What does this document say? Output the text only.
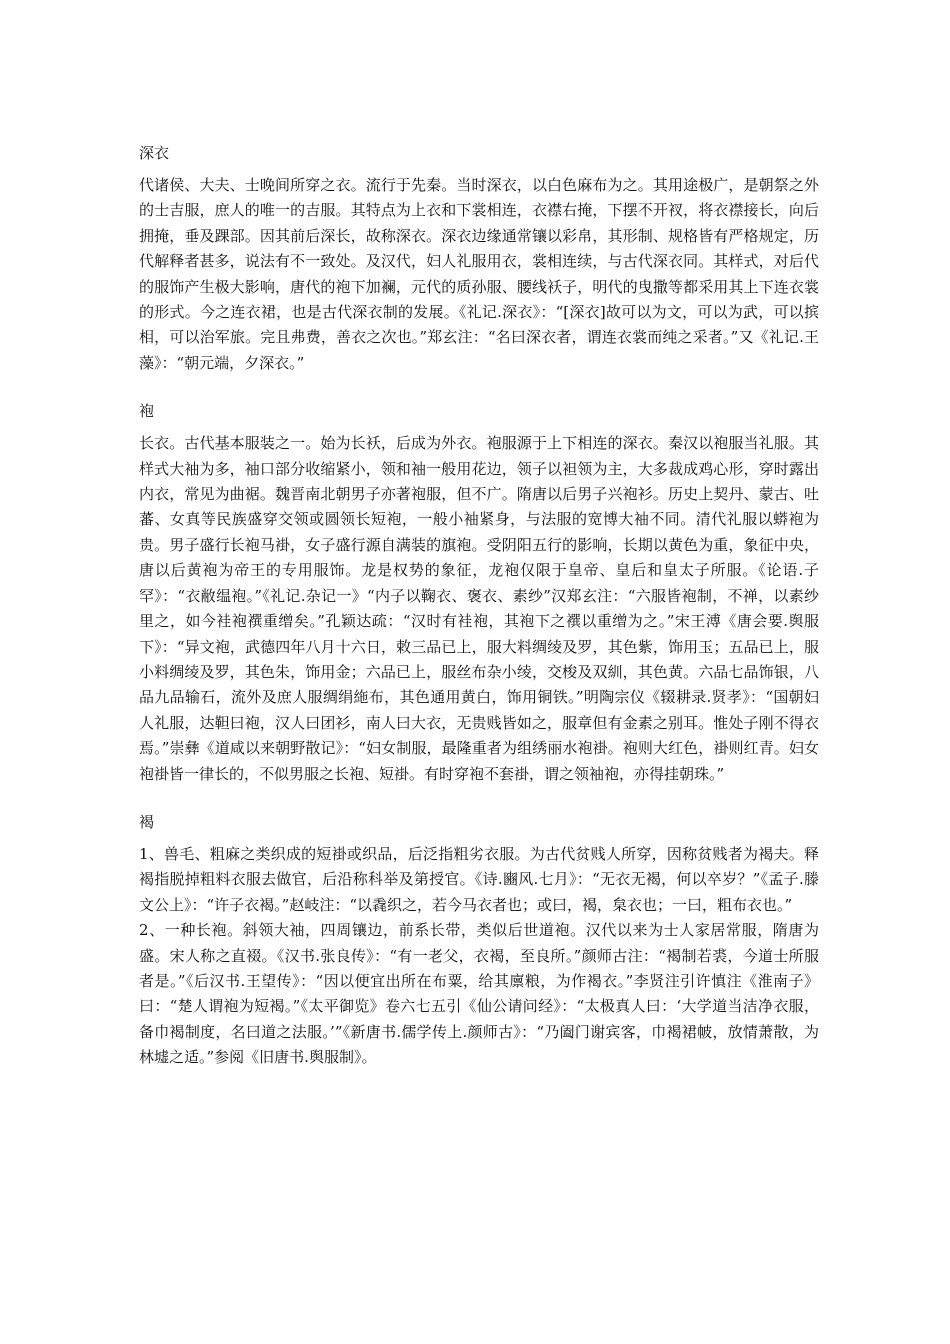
深衣

代诸侯、大夫、士晚间所穿之衣。流行于先秦。当时深衣，以白色麻布为之。其用途极广，是朝祭之外的士吉服，庶人的唯一的吉服。其特点为上衣和下裳相连，衣襟右掩，下摆不开衩，将衣襟接长，向后拥掩，垂及踝部。因其前后深长，故称深衣。深衣边缘通常镶以彩帛，其形制、规格皆有严格规定，历代解释者甚多，说法有不一致处。及汉代，妇人礼服用衣，裳相连续，与古代深衣同。其样式，对后代的服饰产生极大影响，唐代的袍下加襕，元代的质孙服、腰线袄子，明代的曳撒等都采用其上下连衣裳的形式。今之连衣裙，也是古代深衣制的发展。《礼记.深衣》：“[深衣]故可以为文，可以为武，可以摈相，可以治军旅。完且弗费，善衣之次也。”郑玄注：“名曰深衣者，谓连衣裳而纯之采者。”又《礼记.王藻》：“朝元端，夕深衣。”

袍

长衣。古代基本服装之一。始为长袄，后成为外衣。袍服源于上下相连的深衣。秦汉以袍服当礼服。其样式大袖为多，袖口部分收缩紧小，领和袖一般用花边，领子以袒领为主，大多裁成鸡心形，穿时露出内衣，常见为曲裾。魏晋南北朝男子亦著袍服，但不广。隋唐以后男子兴袍衫。历史上契丹、蒙古、吐蕃、女真等民族盛穿交领或圆领长短袍，一般小袖紧身，与法服的宽博大袖不同。清代礼服以蟒袍为贵。男子盛行长袍马褂，女子盛行源自满装的旗袍。受阴阳五行的影响，长期以黄色为重，象征中央，唐以后黄袍为帝王的专用服饰。龙是权势的象征，龙袍仅限于皇帝、皇后和皇太子所服。《论语.子罕》：“衣敝缊袍。”《礼记.杂记一》“内子以鞠衣、褒衣、素纱”汉郑玄注：“六服皆袍制，不禅，以素纱里之，如今袿袍襈重缯矣。”孔颖达疏：“汉时有袿袍，其袍下之襈以重缯为之。”宋王溥《唐会要.舆服下》：“异文袍，武德四年八月十六日，敕三品已上，服大料绸绫及罗，其色紫，饰用玉；五品已上，服小料绸绫及罗，其色朱，饰用金；六品已上，服丝布杂小绫，交梭及双紃，其色黄。六品七品饰银，八品九品输石，流外及庶人服绸绢絁布，其色通用黄白，饰用铜铁。”明陶宗仪《辍耕录.贤孝》：“国朝妇人礼服，达靼曰袍，汉人曰团衫，南人曰大衣，无贵贱皆如之，服章但有金素之别耳。惟处子刚不得衣焉。”崇彝《道咸以来朝野散记》：“妇女制服，最隆重者为组绣丽水袍褂。袍则大红色，褂则红青。妇女袍褂皆一律长的，不似男服之长袍、短褂。有时穿袍不套褂，谓之领袖袍，亦得挂朝珠。”

褐

1、兽毛、粗麻之类织成的短褂或织品，后泛指粗劣衣服。为古代贫贱人所穿，因称贫贱者为褐夫。释褐指脱掉粗料衣服去做官，后沿称科举及第授官。《诗.豳风.七月》：“无衣无褐，何以卒岁？”《孟子.滕文公上》：“许子衣褐。”赵岐注：“以毳织之，若今马衣者也；或曰，褐，枲衣也；一曰，粗布衣也。”

2、一种长袍。斜领大袖，四周镶边，前系长带，类似后世道袍。汉代以来为士人家居常服，隋唐为盛。宋人称之直裰。《汉书.张良传》：“有一老父，衣褐，至良所。”颜师古注：“褐制若裘，今道士所服者是。”《后汉书.王望传》：“因以便宜出所在布粟，给其廪粮，为作褐衣。”李贤注引许慎注《淮南子》曰：“楚人谓袍为短褐。”《太平御览》卷六七五引《仙公请问经》：“太极真人曰：‘大学道当洁净衣服，备巾褐制度，名曰道之法服。’”《新唐书.儒学传上.颜师古》：“乃阖门谢宾客，巾褐裙帔，放情萧散，为林墟之适。”参阅《旧唐书.舆服制》。
